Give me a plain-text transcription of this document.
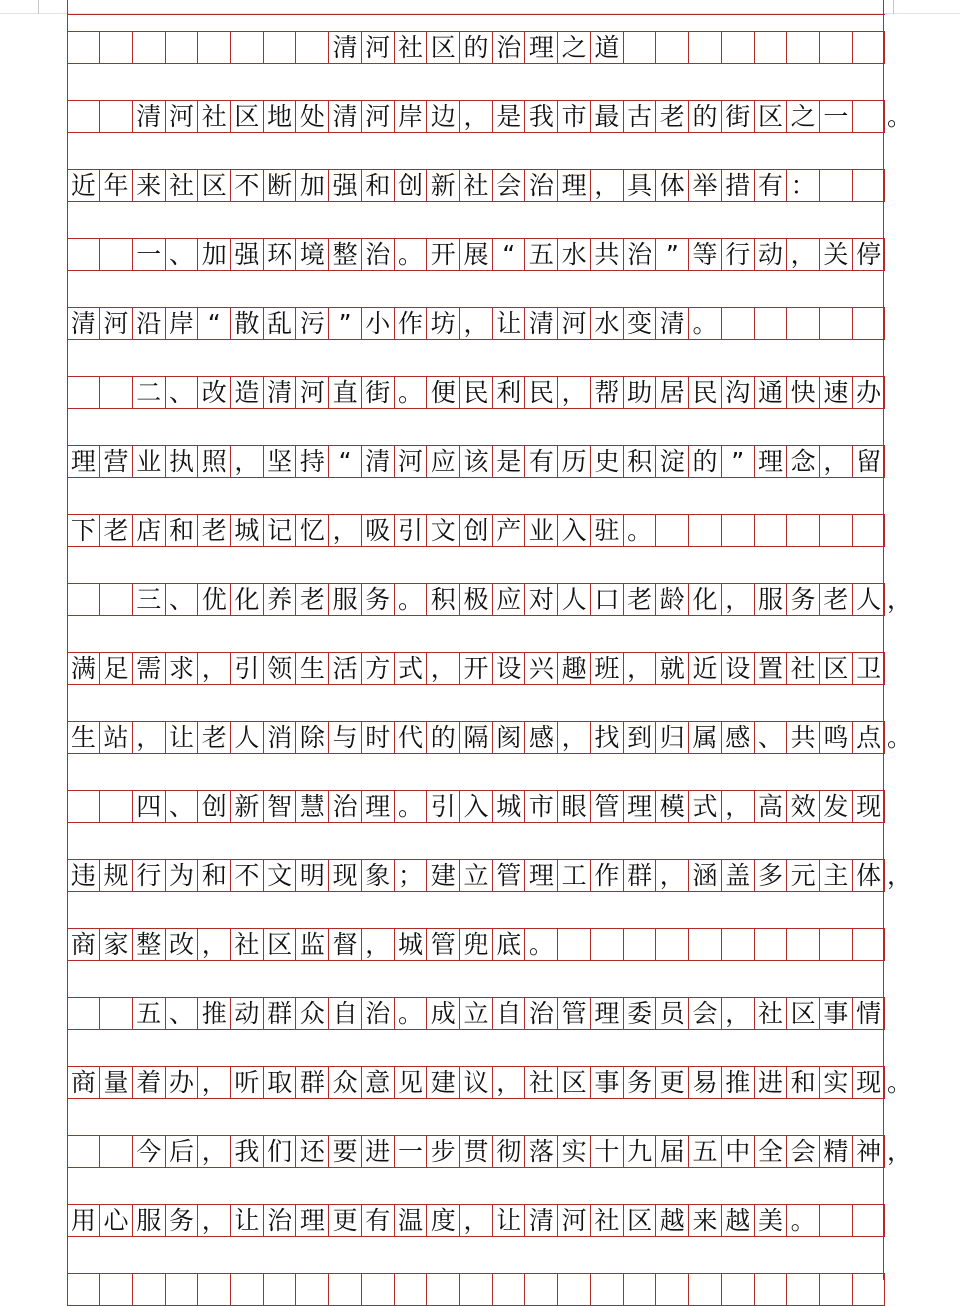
清 河 社 区 的 治 理 之 道
清 河 社 区 地 处 清 河 岸 边 ， 是 我 市 最 古 老 的 街 区 之 一 。
近 年 来 社 区 不 断 加 强 和 创 新 社 会 治 理 ， 具 体 举 措 有 ：
一 、 加 强 环 境 整 治 。 开 展 “ 五 水 共 治 ” 等 行 动 ， 关 停
清 河 沿 岸 “ 散 乱 污 ” 小 作 坊 ， 让 清 河 水 变 清 。
二 、 改 造 清 河 直 街 。 便 民 利 民 ， 帮 助 居 民 沟 通 快 速 办
理 营 业 执 照 ， 坚 持 “ 清 河 应 该 是 有 历 史 积 淀 的 ” 理 念 ， 留
下 老 店 和 老 城 记 忆 ， 吸 引 文 创 产 业 入 驻 。
三 、 优 化 养 老 服 务 。 积 极 应 对 人 口 老 龄 化 ， 服 务 老 人 ，
满 足 需 求 ， 引 领 生 活 方 式 ， 开 设 兴 趣 班 ， 就 近 设 置 社 区 卫
生 站 ， 让 老 人 消 除 与 时 代 的 隔 阂 感 ， 找 到 归 属 感 、 共 鸣 点 。
四 、 创 新 智 慧 治 理 。 引 入 城 市 眼 管 理 模 式 ， 高 效 发 现
违 规 行 为 和 不 文 明 现 象 ； 建 立 管 理 工 作 群 ， 涵 盖 多 元 主 体 ，
商 家 整 改 ， 社 区 监 督 ， 城 管 兜 底 。
五 、 推 动 群 众 自 治 。 成 立 自 治 管 理 委 员 会 ， 社 区 事 情
商 量 着 办 ， 听 取 群 众 意 见 建 议 ， 社 区 事 务 更 易 推 进 和 实 现 。
今 后 ， 我 们 还 要 进 一 步 贯 彻 落 实 十 九 届 五 中 全 会 精 神 ，
用 心 服 务 ， 让 治 理 更 有 温 度 ， 让 清 河 社 区 越 来 越 美 。
